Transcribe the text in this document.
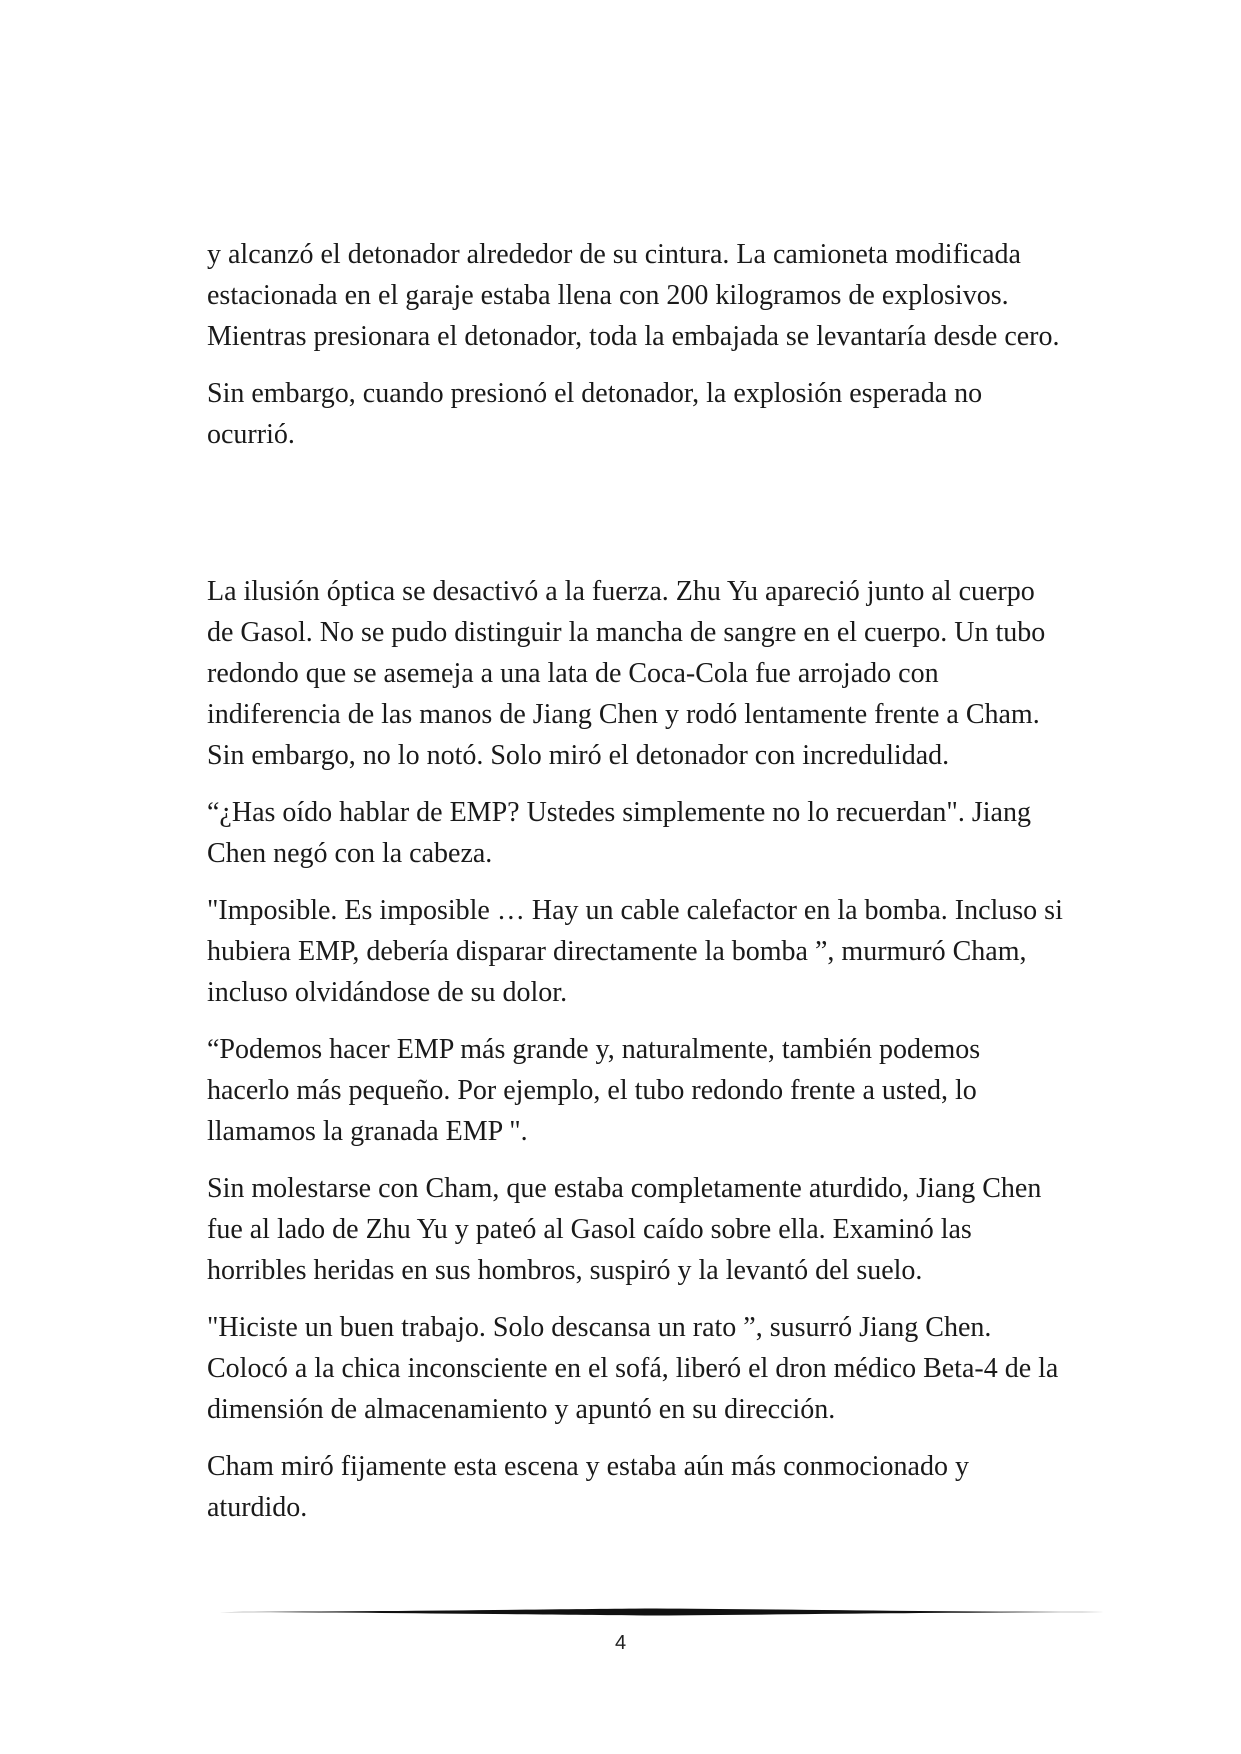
y alcanzó el detonador alrededor de su cintura. La camioneta modificada estacionada en el garaje estaba llena con 200 kilogramos de explosivos. Mientras presionara el detonador, toda la embajada se levantaría desde cero.

Sin embargo, cuando presionó el detonador, la explosión esperada no ocurrió.

La ilusión óptica se desactivó a la fuerza. Zhu Yu apareció junto al cuerpo de Gasol. No se pudo distinguir la mancha de sangre en el cuerpo. Un tubo redondo que se asemeja a una lata de Coca-Cola fue arrojado con indiferencia de las manos de Jiang Chen y rodó lentamente frente a Cham. Sin embargo, no lo notó. Solo miró el detonador con incredulidad.

“¿Has oído hablar de EMP? Ustedes simplemente no lo recuerdan". Jiang Chen negó con la cabeza.

"Imposible. Es imposible … Hay un cable calefactor en la bomba. Incluso si hubiera EMP, debería disparar directamente la bomba ”, murmuró Cham, incluso olvidándose de su dolor.

“Podemos hacer EMP más grande y, naturalmente, también podemos hacerlo más pequeño. Por ejemplo, el tubo redondo frente a usted, lo llamamos la granada EMP ".

Sin molestarse con Cham, que estaba completamente aturdido, Jiang Chen fue al lado de Zhu Yu y pateó al Gasol caído sobre ella. Examinó las horribles heridas en sus hombros, suspiró y la levantó del suelo.

"Hiciste un buen trabajo. Solo descansa un rato ”, susurró Jiang Chen. Colocó a la chica inconsciente en el sofá, liberó el dron médico Beta-4 de la dimensión de almacenamiento y apuntó en su dirección.

Cham miró fijamente esta escena y estaba aún más conmocionado y aturdido.

4
